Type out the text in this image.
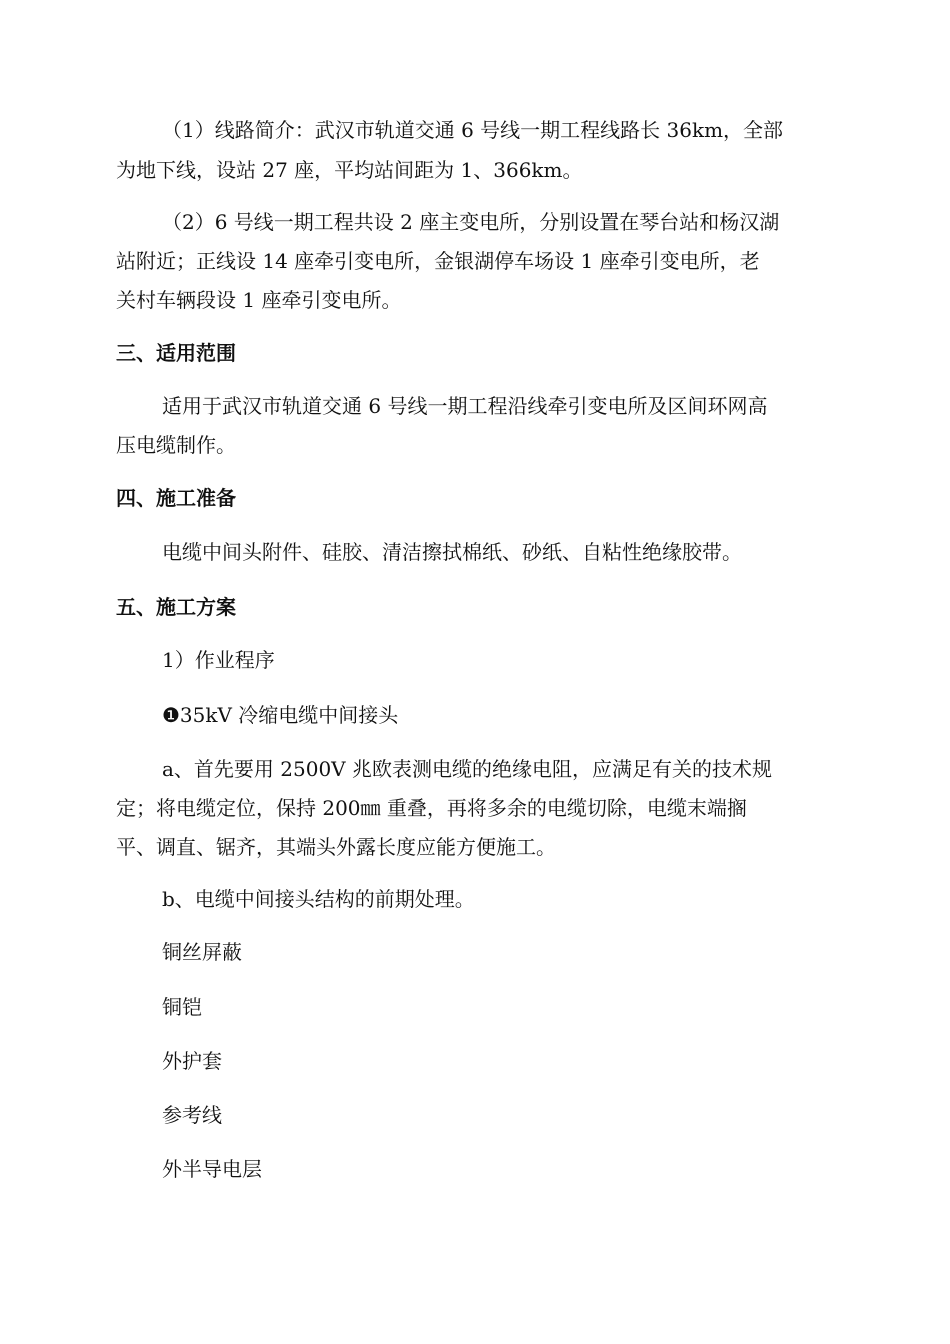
（1）线路简介：武汉市轨道交通 6 号线一期工程线路长 36km，全部

为地下线，设站 27 座，平均站间距为 1、366km。

（2）6 号线一期工程共设 2 座主变电所，分别设置在琴台站和杨汉湖

站附近；正线设 14 座牵引变电所，金银湖停车场设 1 座牵引变电所，老

关村车辆段设 1 座牵引变电所。

三、适用范围

适用于武汉市轨道交通 6 号线一期工程沿线牵引变电所及区间环网高

压电缆制作。

四、施工准备

电缆中间头附件、硅胶、清洁擦拭棉纸、砂纸、自粘性绝缘胶带。

五、施工方案

1）作业程序

❶35kV 冷缩电缆中间接头

a、首先要用 2500V 兆欧表测电缆的绝缘电阻，应满足有关的技术规

定；将电缆定位，保持 200㎜ 重叠，再将多余的电缆切除，电缆末端搁

平、调直、锯齐，其端头外露长度应能方便施工。

b、电缆中间接头结构的前期处理。

铜丝屏蔽

铜铠

外护套

参考线

外半导电层
